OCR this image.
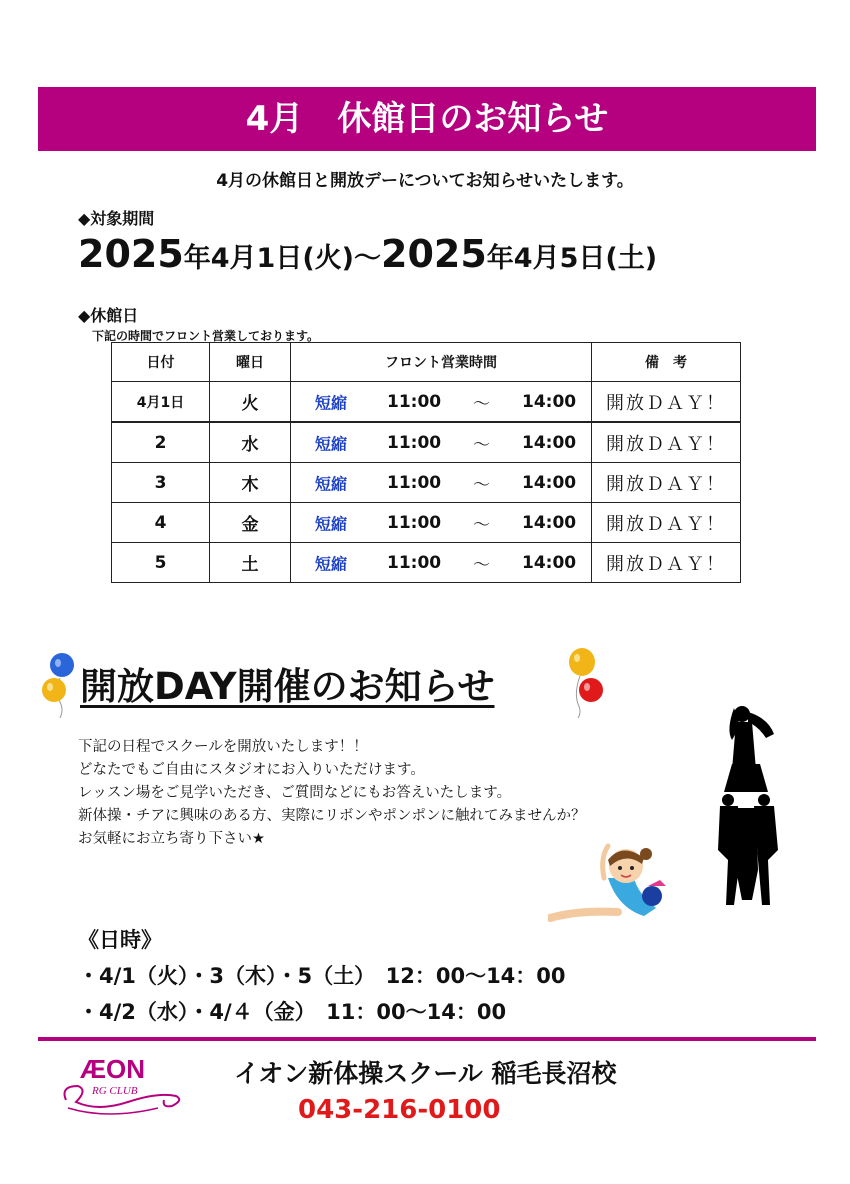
4月　休館日のお知らせ
4月の休館日と開放デーについてお知らせいたします。
◆対象期間
2025年4月1日(火)～2025年4月5日(土)
◆休館日
下記の時間でフロント営業しております。
日付	曜日	フロント営業時間	備　考
4月1日	火	短縮 11:00 ～ 14:00	開放ＤＡＹ！
2	水	短縮 11:00 ～ 14:00	開放ＤＡＹ！
3	木	短縮 11:00 ～ 14:00	開放ＤＡＹ！
4	金	短縮 11:00 ～ 14:00	開放ＤＡＹ！
5	土	短縮 11:00 ～ 14:00	開放ＤＡＹ！
開放DAY開催のお知らせ
下記の日程でスクールを開放いたします！！
どなたでもご自由にスタジオにお入りいただけます。
レッスン場をご見学いただき、ご質問などにもお答えいたします。
新体操・チアに興味のある方、実際にリボンやポンポンに触れてみませんか？
お気軽にお立ち寄り下さい★
《日時》
・4/1（火）・3（木）・5（土）　12：00～14：00
・4/2（水）・4/４（金）　11：00～14：00
ÆON
RG CLUB
イオン新体操スクール 稲毛長沼校
043-216-0100
